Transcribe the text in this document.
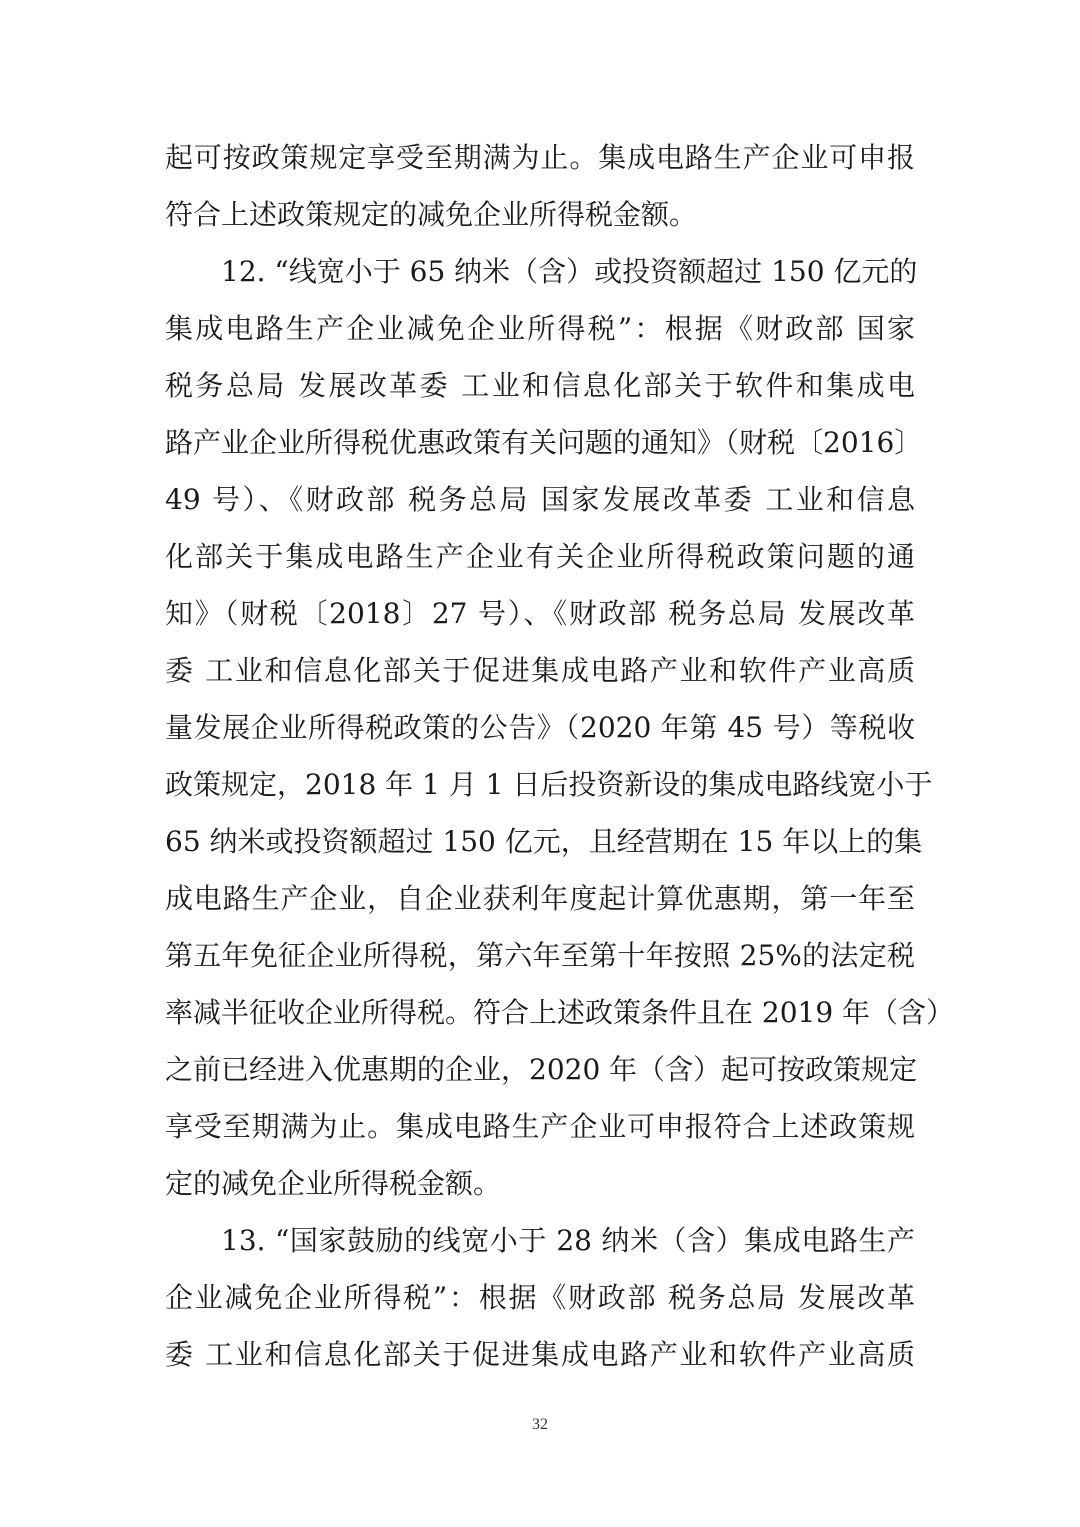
起可按政策规定享受至期满为止。集成电路生产企业可申报
符合上述政策规定的减免企业所得税金额。
12. “线宽小于 65 纳米（含）或投资额超过 150 亿元的
集成电路生产企业减免企业所得税”：根据《财政部 国家
税务总局 发展改革委 工业和信息化部关于软件和集成电
路产业企业所得税优惠政策有关问题的通知》（财税〔2016〕
49 号）、《财政部 税务总局 国家发展改革委 工业和信息
化部关于集成电路生产企业有关企业所得税政策问题的通
知》（财税〔2018〕27 号）、《财政部 税务总局 发展改革
委 工业和信息化部关于促进集成电路产业和软件产业高质
量发展企业所得税政策的公告》（2020 年第 45 号）等税收
政策规定，2018 年 1 月 1 日后投资新设的集成电路线宽小于
65 纳米或投资额超过 150 亿元，且经营期在 15 年以上的集
成电路生产企业，自企业获利年度起计算优惠期，第一年至
第五年免征企业所得税，第六年至第十年按照 25%的法定税
率减半征收企业所得税。符合上述政策条件且在 2019 年（含）
之前已经进入优惠期的企业，2020 年（含）起可按政策规定
享受至期满为止。集成电路生产企业可申报符合上述政策规
定的减免企业所得税金额。
13. “国家鼓励的线宽小于 28 纳米（含）集成电路生产
企业减免企业所得税”：根据《财政部 税务总局 发展改革
委 工业和信息化部关于促进集成电路产业和软件产业高质
32
